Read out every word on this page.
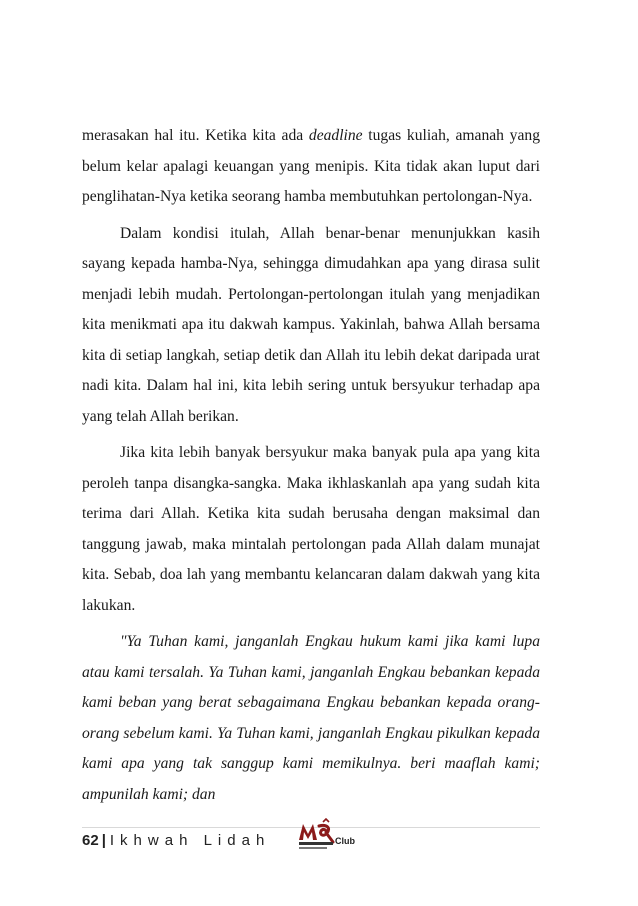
merasakan hal itu. Ketika kita ada deadline tugas kuliah, amanah yang belum kelar apalagi keuangan yang menipis. Kita tidak akan luput dari penglihatan-Nya ketika seorang hamba membutuhkan pertolongan-Nya.

Dalam kondisi itulah, Allah benar-benar menunjukkan kasih sayang kepada hamba-Nya, sehingga dimudahkan apa yang dirasa sulit menjadi lebih mudah. Pertolongan-pertolongan itulah yang menjadikan kita menikmati apa itu dakwah kampus. Yakinlah, bahwa Allah bersama kita di setiap langkah, setiap detik dan Allah itu lebih dekat daripada urat nadi kita. Dalam hal ini, kita lebih sering untuk bersyukur terhadap apa yang telah Allah berikan.

Jika kita lebih banyak bersyukur maka banyak pula apa yang kita peroleh tanpa disangka-sangka. Maka ikhlaskanlah apa yang sudah kita terima dari Allah. Ketika kita sudah berusaha dengan maksimal dan tanggung jawab, maka mintalah pertolongan pada Allah dalam munajat kita. Sebab, doa lah yang membantu kelancaran dalam dakwah yang kita lakukan.

"Ya Tuhan kami, janganlah Engkau hukum kami jika kami lupa atau kami tersalah. Ya Tuhan kami, janganlah Engkau bebankan kepada kami beban yang berat sebagaimana Engkau bebankan kepada orang-orang sebelum kami. Ya Tuhan kami, janganlah Engkau pikulkan kepada kami apa yang tak sanggup kami memikulnya. beri maaflah kami; ampunilah kami; dan

62 | Ikhwah Lidah	Club
